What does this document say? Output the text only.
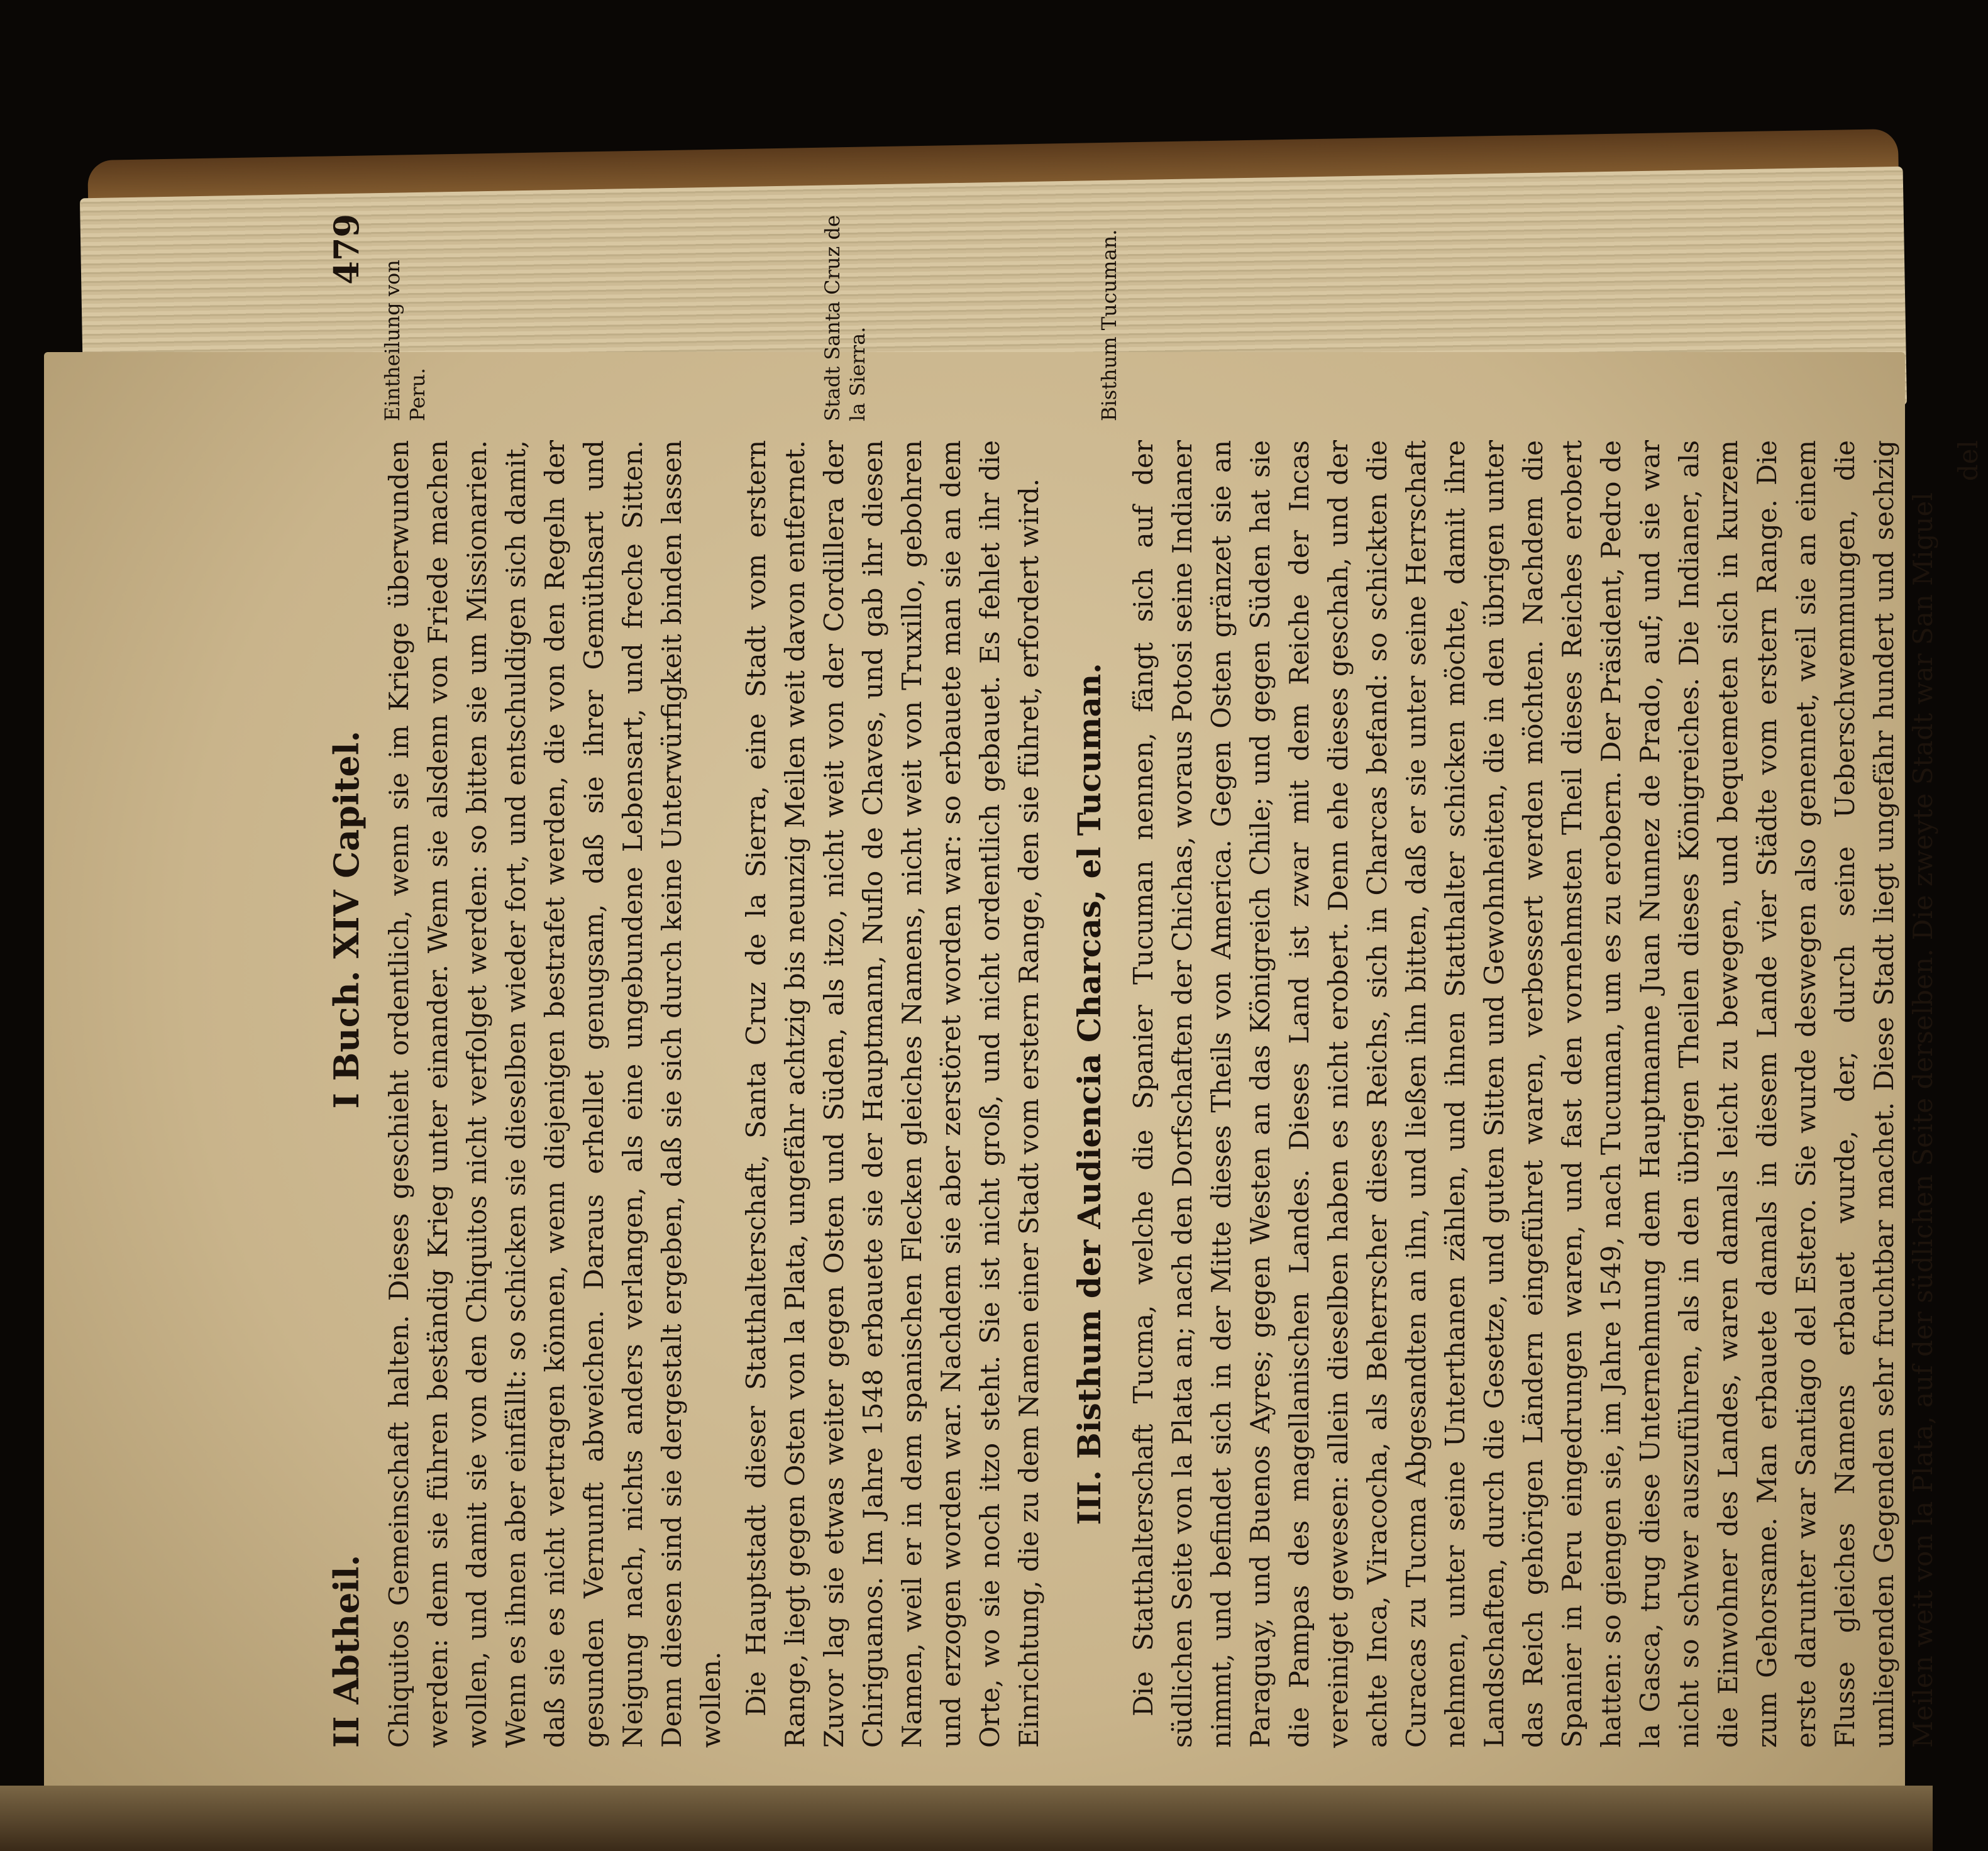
II Abtheil.
I Buch. XIV Capitel.
479

Chiquitos Gemeinschaft halten. Dieses geschieht ordentlich, wenn sie im Kriege überwunden werden: denn sie führen beständig Krieg unter einander. Wenn sie alsdenn von Friede machen wollen, und damit sie von den Chiquitos nicht verfolget werden: so bitten sie um Missionarien. Wenn es ihnen aber einfällt: so schicken sie dieselben wieder fort, und entschuldigen sich damit, daß sie es nicht vertragen können, wenn diejenigen bestrafet werden, die von den Regeln der gesunden Vernunft abweichen. Daraus erhellet genugsam, daß sie ihrer Gemüthsart und Neigung nach, nichts anders verlangen, als eine ungebundene Lebensart, und freche Sitten. Denn diesen sind sie dergestalt ergeben, daß sie sich durch keine Unterwürfigkeit binden lassen wollen. Die Hauptstadt dieser Statthalterschaft, Santa Cruz de la Sierra, eine Stadt vom erstern Range, liegt gegen Osten von la Plata, ungefähr achtzig bis neunzig Meilen weit davon entfernet. Zuvor lag sie etwas weiter gegen Osten und Süden, als itzo, nicht weit von der Cordillera der Chiriguanos. Im Jahre 1548 erbauete sie der Hauptmann, Nuflo de Chaves, und gab ihr diesen Namen, weil er in dem spanischen Flecken gleiches Namens, nicht weit von Truxillo, gebohren und erzogen worden war. Nachdem sie aber zerstöret worden war: so erbauete man sie an dem Orte, wo sie noch itzo steht. Sie ist nicht groß, und nicht ordentlich gebauet. Es fehlet ihr die Einrichtung, die zu dem Namen einer Stadt vom erstern Range, den sie führet, erfordert wird. III. Bisthum der Audiencia Charcas, el Tucuman. Die Statthalterschaft Tucma, welche die Spanier Tucuman nennen, fängt sich auf der südlichen Seite von la Plata an; nach den Dorfschaften der Chichas, woraus Potosi seine Indianer nimmt, und befindet sich in der Mitte dieses Theils von America. Gegen Osten gränzet sie an Paraguay, und Buenos Ayres; gegen Westen an das Königreich Chile; und gegen Süden hat sie die Pampas des magellanischen Landes. Dieses Land ist zwar mit dem Reiche der Incas vereiniget gewesen: allein dieselben haben es nicht erobert. Denn ehe dieses geschah, und der achte Inca, Viracocha, als Beherrscher dieses Reichs, sich in Charcas befand: so schickten die Curacas zu Tucma Abgesandten an ihn, und ließen ihn bitten, daß er sie unter seine Herrschaft nehmen, unter seine Unterthanen zählen, und ihnen Statthalter schicken möchte, damit ihre Landschaften, durch die Gesetze, und guten Sitten und Gewohnheiten, die in den übrigen unter das Reich gehörigen Ländern eingeführet waren, verbessert werden möchten. Nachdem die Spanier in Peru eingedrungen waren, und fast den vornehmsten Theil dieses Reiches erobert hatten: so giengen sie, im Jahre 1549, nach Tucuman, um es zu erobern. Der Präsident, Pedro de la Gasca, trug diese Unternehmung dem Hauptmanne Juan Nunnez de Prado, auf; und sie war nicht so schwer auszuführen, als in den übrigen Theilen dieses Königreiches. Die Indianer, als die Einwohner des Landes, waren damals leicht zu bewegen, und bequemeten sich in kurzem zum Gehorsame. Man erbauete damals in diesem Lande vier Städte vom erstern Range. Die erste darunter war Santiago del Estero. Sie wurde deswegen also genennet, weil sie an einem Flusse gleiches Namens erbauet wurde, der, durch seine Ueberschwemmungen, die umliegenden Gegenden sehr fruchtbar machet. Diese Stadt liegt ungefähr hundert und sechzig Meilen weit von la Plata, auf der südlichen Seite derselben. Die zweyte Stadt war San Miguel

del

Eintheilung von Peru.	Stadt Santa Cruz de la Sierra.	Bisthum Tucuman.
